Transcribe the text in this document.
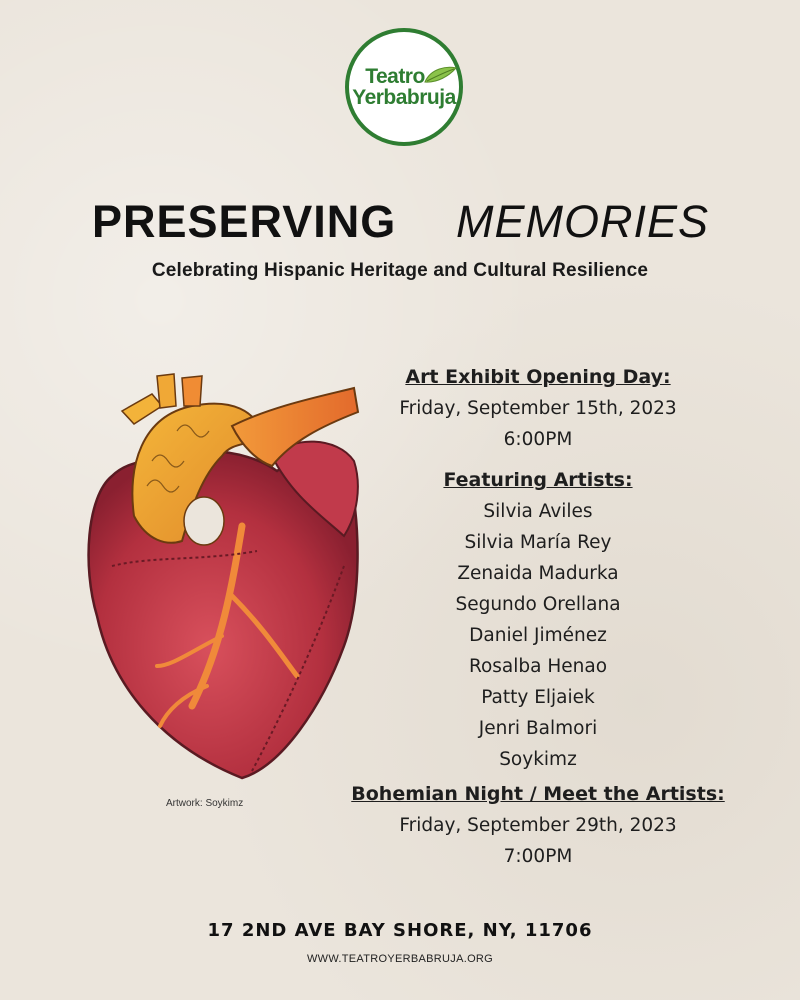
Teatro
Yerbabruja
PRESERVING MEMORIES
Celebrating Hispanic Heritage and Cultural Resilience
Artwork: Soykimz

Art Exhibit Opening Day:

Friday, September 15th, 2023

6:00PM

Featuring Artists:

Silvia Aviles

Silvia María Rey

Zenaida Madurka

Segundo Orellana

Daniel Jiménez

Rosalba Henao

Patty Eljaiek

Jenri Balmori

Soykimz

Bohemian Night / Meet the Artists:

Friday, September 29th, 2023

7:00PM

17 2ND AVE BAY SHORE, NY, 11706
WWW.TEATROYERBABRUJA.ORG
